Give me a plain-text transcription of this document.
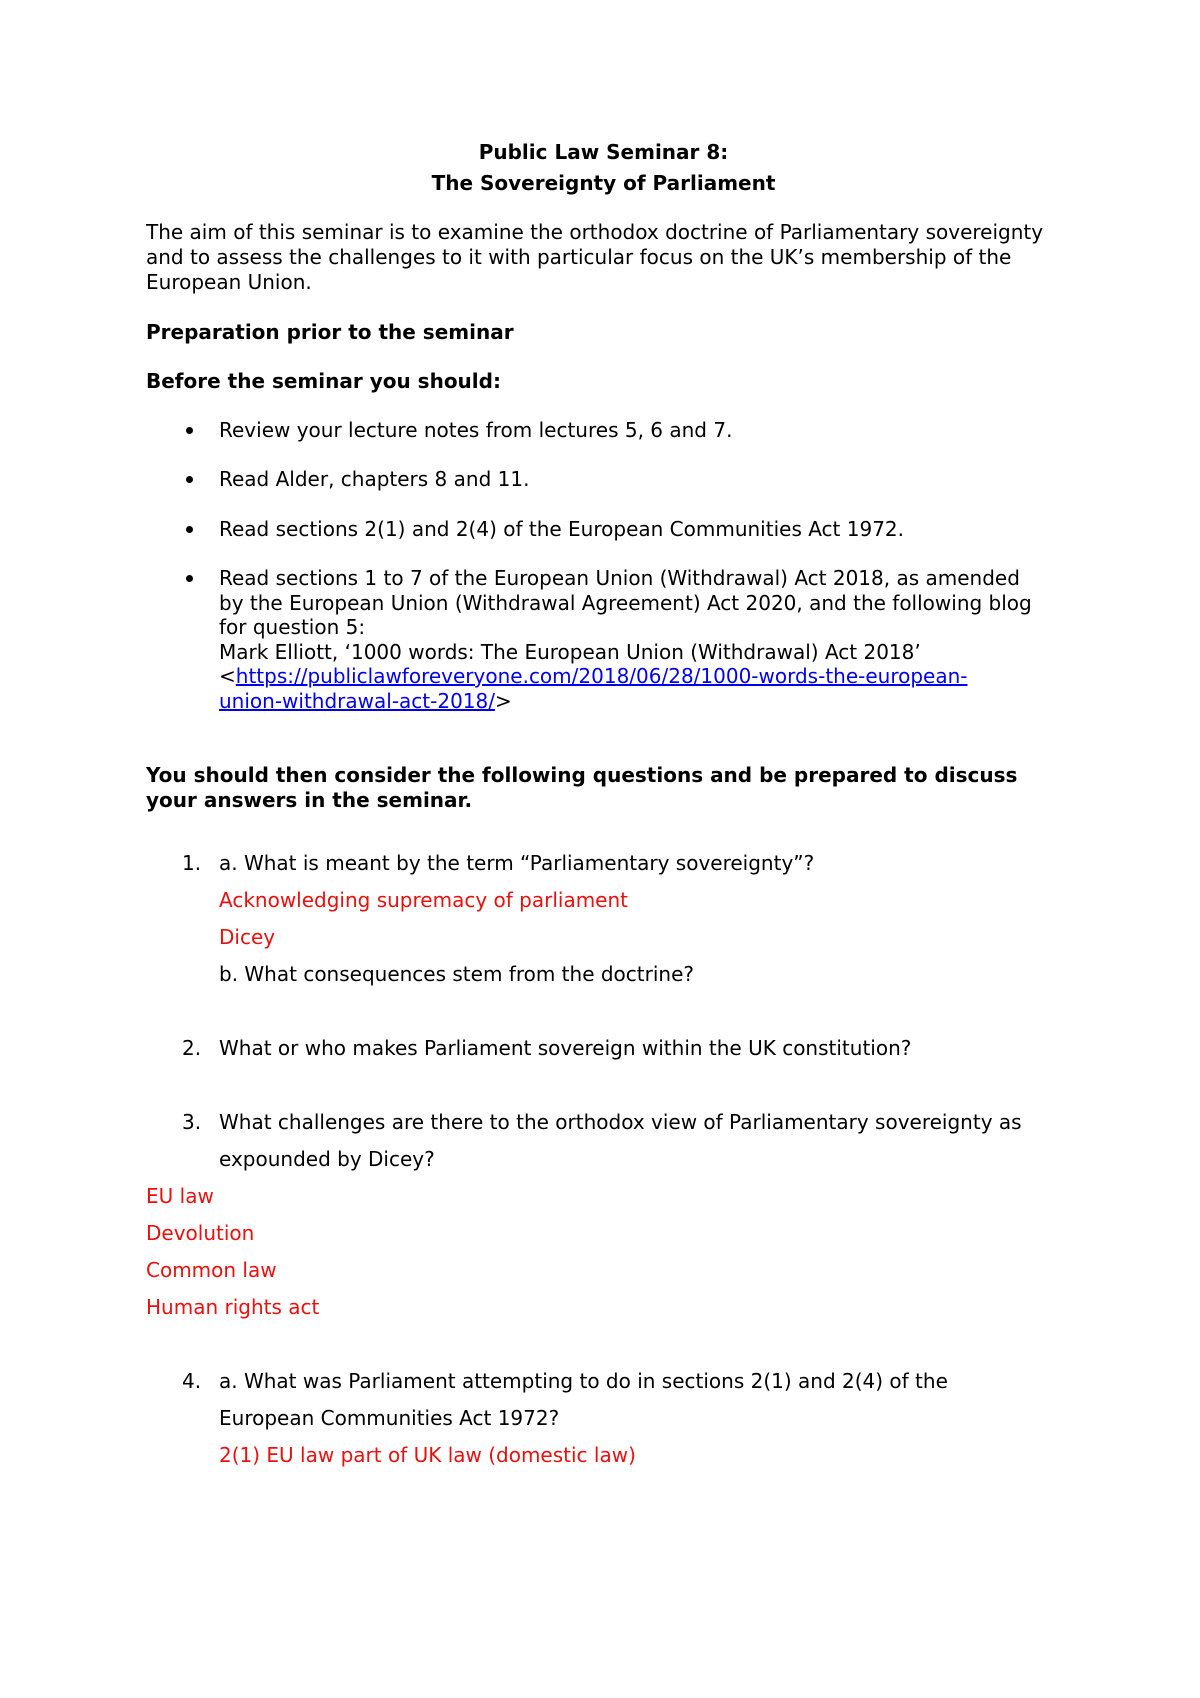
Public Law Seminar 8:
The Sovereignty of Parliament
The aim of this seminar is to examine the orthodox doctrine of Parliamentary sovereignty
and to assess the challenges to it with particular focus on the UK’s membership of the
European Union.
Preparation prior to the seminar
Before the seminar you should:
Review your lecture notes from lectures 5, 6 and 7.
Read Alder, chapters 8 and 11.
Read sections 2(1) and 2(4) of the European Communities Act 1972.
Read sections 1 to 7 of the European Union (Withdrawal) Act 2018, as amended
by the European Union (Withdrawal Agreement) Act 2020, and the following blog
for question 5:
Mark Elliott, ‘1000 words: The European Union (Withdrawal) Act 2018’
<https://publiclawforeveryone.com/2018/06/28/1000-words-the-european-
union-withdrawal-act-2018/>
You should then consider the following questions and be prepared to discuss
your answers in the seminar.
1. a. What is meant by the term “Parliamentary sovereignty”?
Acknowledging supremacy of parliament
Dicey
b. What consequences stem from the doctrine?
2. What or who makes Parliament sovereign within the UK constitution?
3. What challenges are there to the orthodox view of Parliamentary sovereignty as
expounded by Dicey?
EU law
Devolution
Common law
Human rights act
4. a. What was Parliament attempting to do in sections 2(1) and 2(4) of the
European Communities Act 1972?
2(1) EU law part of UK law (domestic law)
